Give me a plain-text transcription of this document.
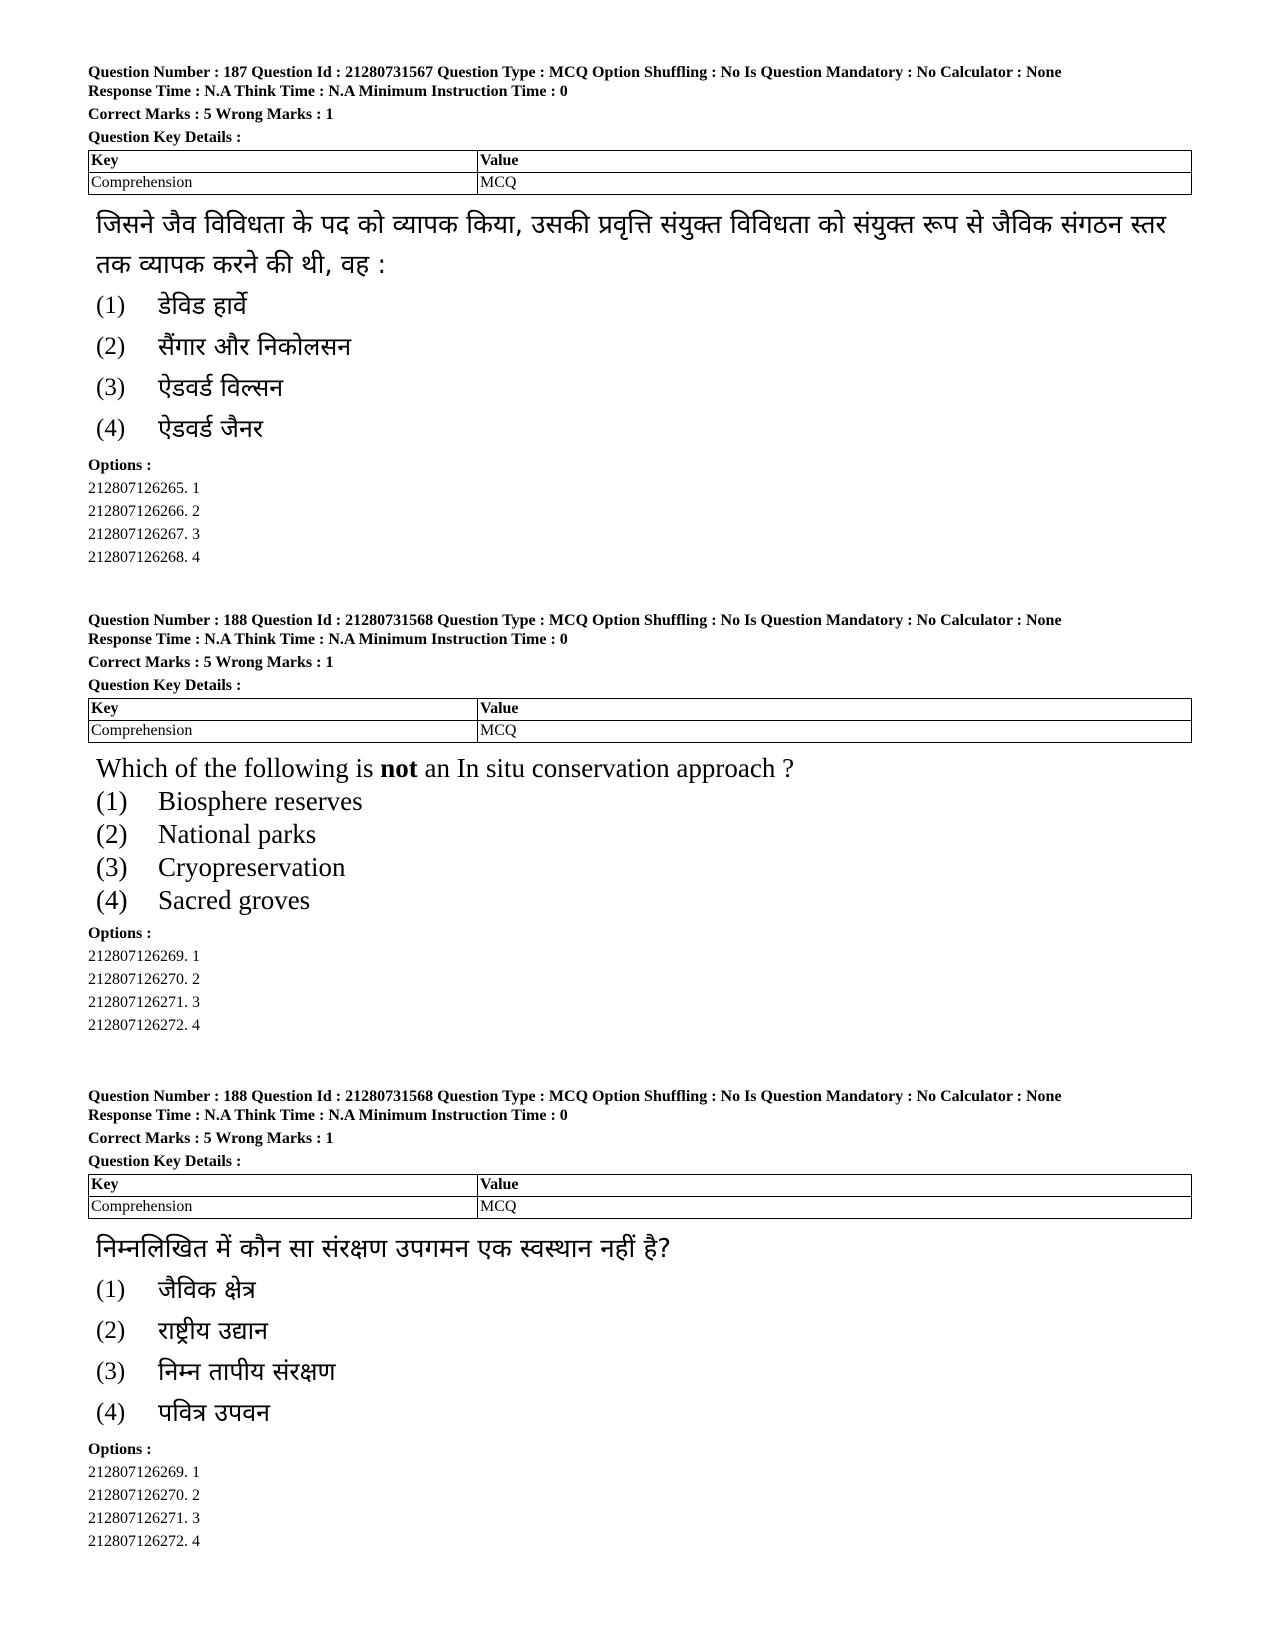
Question Number : 187 Question Id : 21280731567 Question Type : MCQ Option Shuffling : No Is Question Mandatory : No Calculator : None

Response Time : N.A Think Time : N.A Minimum Instruction Time : 0

Correct Marks : 5 Wrong Marks : 1

Question Key Details :

Key	Value
Comprehension	MCQ
जिसने जैव विविधता के पद को व्यापक किया, उसकी प्रवृत्ति संयुक्त विविधता को संयुक्त रूप से जैविक संगठन स्तर तक व्यापक करने की थी, वह :
(1)	डेविड हार्वे
(2)	सैंगार और निकोलसन
(3)	ऐडवर्ड विल्सन
(4)	ऐडवर्ड जैनर
Options :
212807126265. 1
212807126266. 2
212807126267. 3
212807126268. 4

Question Number : 188 Question Id : 21280731568 Question Type : MCQ Option Shuffling : No Is Question Mandatory : No Calculator : None

Response Time : N.A Think Time : N.A Minimum Instruction Time : 0

Correct Marks : 5 Wrong Marks : 1

Question Key Details :

Key	Value
Comprehension	MCQ
Which of the following is not an In situ conservation approach ?
(1)	Biosphere reserves
(2)	National parks
(3)	Cryopreservation
(4)	Sacred groves
Options :
212807126269. 1
212807126270. 2
212807126271. 3
212807126272. 4

Question Number : 188 Question Id : 21280731568 Question Type : MCQ Option Shuffling : No Is Question Mandatory : No Calculator : None

Response Time : N.A Think Time : N.A Minimum Instruction Time : 0

Correct Marks : 5 Wrong Marks : 1

Question Key Details :

Key	Value
Comprehension	MCQ
निम्नलिखित में कौन सा संरक्षण उपगमन एक स्वस्थान नहीं है?
(1)	जैविक क्षेत्र
(2)	राष्ट्रीय उद्यान
(3)	निम्न तापीय संरक्षण
(4)	पवित्र उपवन
Options :
212807126269. 1
212807126270. 2
212807126271. 3
212807126272. 4
